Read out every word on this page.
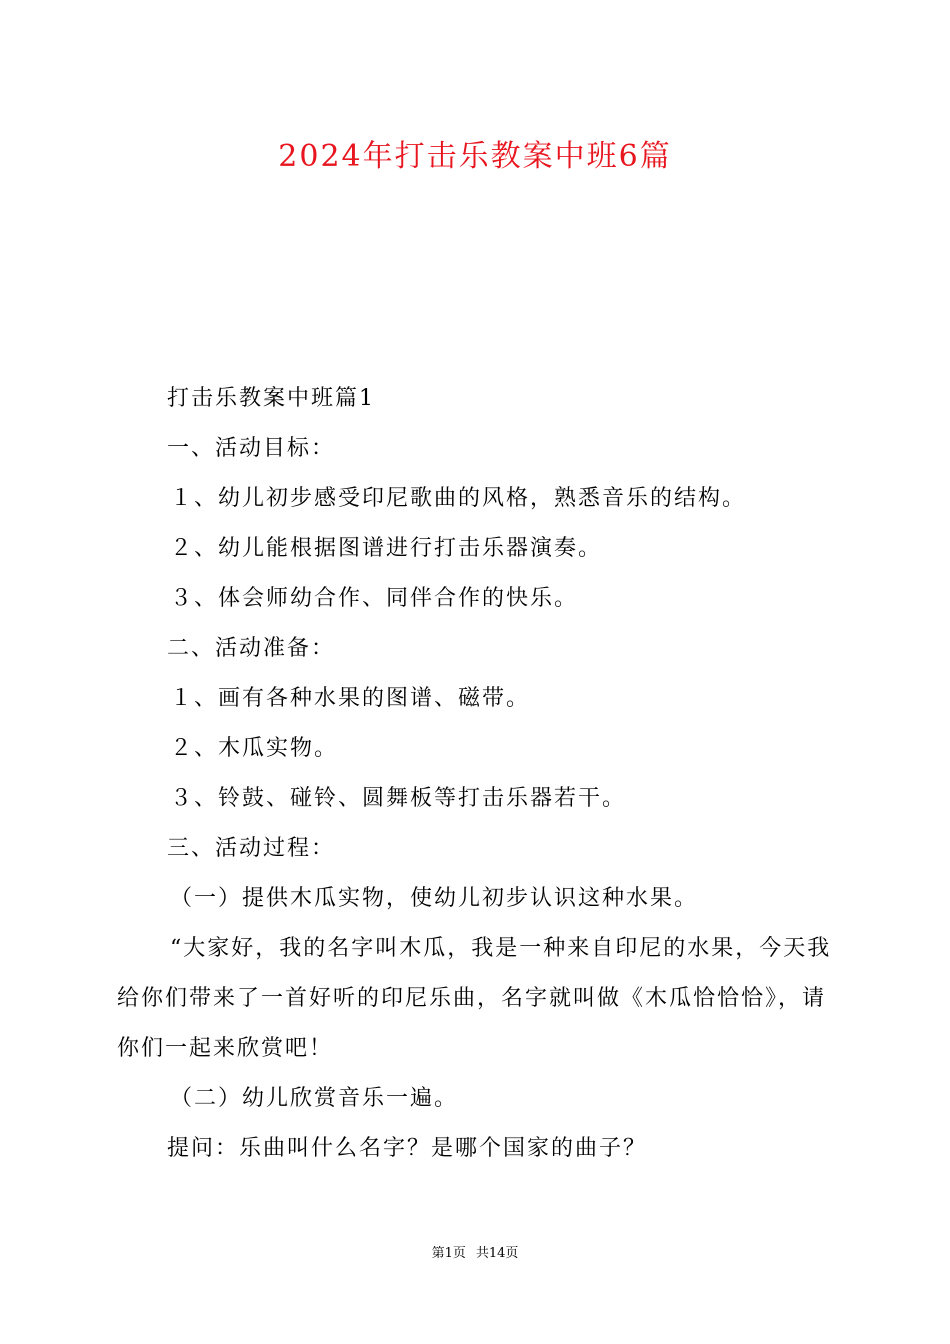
2024年打击乐教案中班6篇

打击乐教案中班篇1

一、活动目标：

１、幼儿初步感受印尼歌曲的风格，熟悉音乐的结构。

２、幼儿能根据图谱进行打击乐器演奏。

３、体会师幼合作、同伴合作的快乐。

二、活动准备：

１、画有各种水果的图谱、磁带。

２、木瓜实物。

３、铃鼓、碰铃、圆舞板等打击乐器若干。

三、活动过程：

（一）提供木瓜实物，使幼儿初步认识这种水果。

“大家好，我的名字叫木瓜，我是一种来自印尼的水果，今天我给你们带来了一首好听的印尼乐曲，名字就叫做《木瓜恰恰恰》，请你们一起来欣赏吧！

（二）幼儿欣赏音乐一遍。

提问：乐曲叫什么名字？是哪个国家的曲子？

第1页 共14页
